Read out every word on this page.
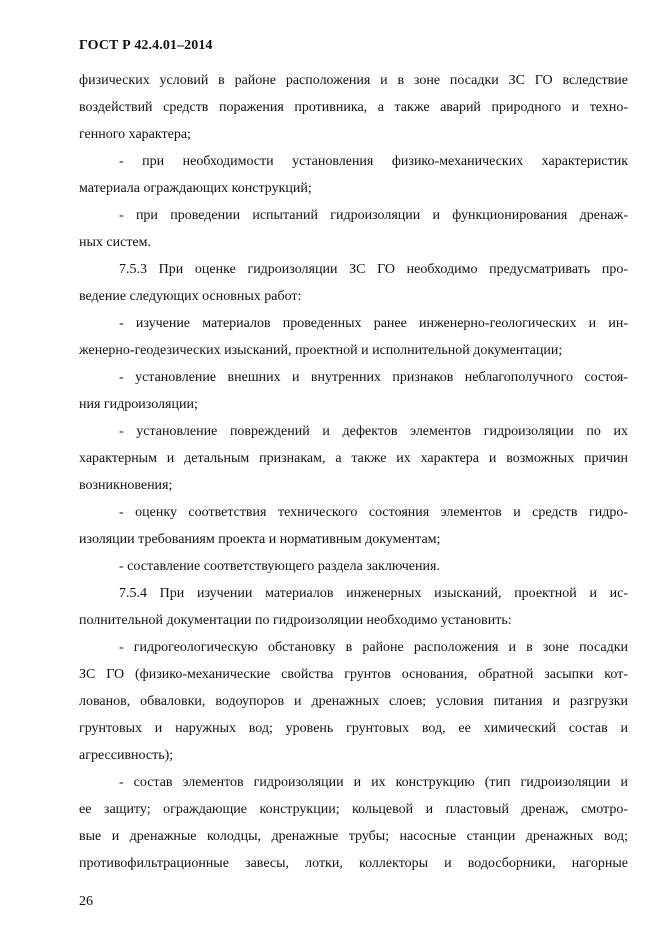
ГОСТ Р 42.4.01–2014
физических условий в районе расположения и в зоне посадки ЗС ГО вследствие
воздействий средств поражения противника, а также аварий природного и техно-
генного характера;
- при необходимости установления физико-механических характеристик
материала ограждающих конструкций;
- при проведении испытаний гидроизоляции и функционирования дренаж-
ных систем.
7.5.3 При оценке гидроизоляции ЗС ГО необходимо предусматривать про-
ведение следующих основных работ:
- изучение материалов проведенных ранее инженерно-геологических и ин-
женерно-геодезических изысканий, проектной и исполнительной документации;
- установление внешних и внутренних признаков неблагополучного состоя-
ния гидроизоляции;
- установление повреждений и дефектов элементов гидроизоляции по их
характерным и детальным признакам, а также их характера и возможных причин
возникновения;
- оценку соответствия технического состояния элементов и средств гидро-
изоляции требованиям проекта и нормативным документам;
- составление соответствующего раздела заключения.
7.5.4 При изучении материалов инженерных изысканий, проектной и ис-
полнительной документации по гидроизоляции необходимо установить:
- гидрогеологическую обстановку в районе расположения и в зоне посадки
ЗС ГО (физико-механические свойства грунтов основания, обратной засыпки кот-
лованов, обваловки, водоупоров и дренажных слоев; условия питания и разгрузки
грунтовых и наружных вод; уровень грунтовых вод, ее химический состав и
агрессивность);
- состав элементов гидроизоляции и их конструкцию (тип гидроизоляции и
ее защиту; ограждающие конструкции; кольцевой и пластовый дренаж, смотро-
вые и дренажные колодцы, дренажные трубы; насосные станции дренажных вод;
противофильтрационные завесы, лотки, коллекторы и водосборники, нагорные
26
